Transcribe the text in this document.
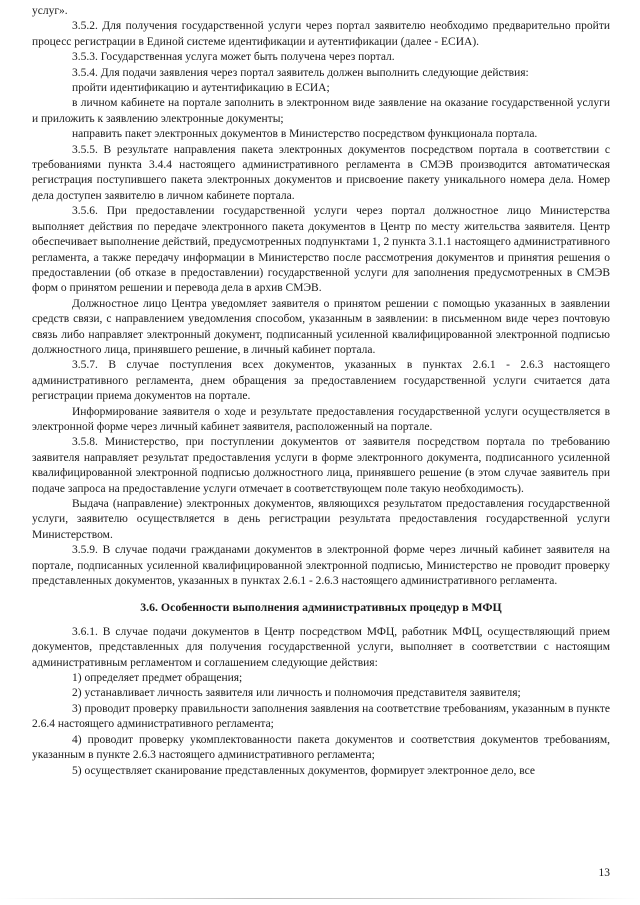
услуг».

3.5.2. Для получения государственной услуги через портал заявителю необходимо предварительно пройти процесс регистрации в Единой системе идентификации и аутентификации (далее - ЕСИА).

3.5.3. Государственная услуга может быть получена через портал.

3.5.4. Для подачи заявления через портал заявитель должен выполнить следующие действия:

пройти идентификацию и аутентификацию в ЕСИА;

в личном кабинете на портале заполнить в электронном виде заявление на оказание государственной услуги и приложить к заявлению электронные документы;

направить пакет электронных документов в Министерство посредством функционала портала.

3.5.5. В результате направления пакета электронных документов посредством портала в соответствии с требованиями пункта 3.4.4 настоящего административного регламента в СМЭВ производится автоматическая регистрация поступившего пакета электронных документов и присвоение пакету уникального номера дела. Номер дела доступен заявителю в личном кабинете портала.

3.5.6. При предоставлении государственной услуги через портал должностное лицо Министерства выполняет действия по передаче электронного пакета документов в Центр по месту жительства заявителя. Центр обеспечивает выполнение действий, предусмотренных подпунктами 1, 2 пункта 3.1.1 настоящего административного регламента, а также передачу информации в Министерство после рассмотрения документов и принятия решения о предоставлении (об отказе в предоставлении) государственной услуги для заполнения предусмотренных в СМЭВ форм о принятом решении и перевода дела в архив СМЭВ.

Должностное лицо Центра уведомляет заявителя о принятом решении с помощью указанных в заявлении средств связи, с направлением уведомления способом, указанным в заявлении: в письменном виде через почтовую связь либо направляет электронный документ, подписанный усиленной квалифицированной электронной подписью должностного лица, принявшего решение, в личный кабинет портала.

3.5.7. В случае поступления всех документов, указанных в пунктах 2.6.1 - 2.6.3 настоящего административного регламента, днем обращения за предоставлением государственной услуги считается дата регистрации приема документов на портале.

Информирование заявителя о ходе и результате предоставления государственной услуги осуществляется в электронной форме через личный кабинет заявителя, расположенный на портале.

3.5.8. Министерство, при поступлении документов от заявителя посредством портала по требованию заявителя направляет результат предоставления услуги в форме электронного документа, подписанного усиленной квалифицированной электронной подписью должностного лица, принявшего решение (в этом случае заявитель при подаче запроса на предоставление услуги отмечает в соответствующем поле такую необходимость).

Выдача (направление) электронных документов, являющихся результатом предоставления государственной услуги, заявителю осуществляется в день регистрации результата предоставления государственной услуги Министерством.

3.5.9. В случае подачи гражданами документов в электронной форме через личный кабинет заявителя на портале, подписанных усиленной квалифицированной электронной подписью, Министерство не проводит проверку представленных документов, указанных в пунктах 2.6.1 - 2.6.3 настоящего административного регламента.

3.6. Особенности выполнения административных процедур в МФЦ

3.6.1. В случае подачи документов в Центр посредством МФЦ, работник МФЦ, осуществляющий прием документов, представленных для получения государственной услуги, выполняет в соответствии с настоящим административным регламентом и соглашением следующие действия:

1) определяет предмет обращения;

2) устанавливает личность заявителя или личность и полномочия представителя заявителя;

3) проводит проверку правильности заполнения заявления на соответствие требованиям, указанным в пункте 2.6.4 настоящего административного регламента;

4) проводит проверку укомплектованности пакета документов и соответствия документов требованиям, указанным в пункте 2.6.3 настоящего административного регламента;

5) осуществляет сканирование представленных документов, формирует электронное дело, все

13
